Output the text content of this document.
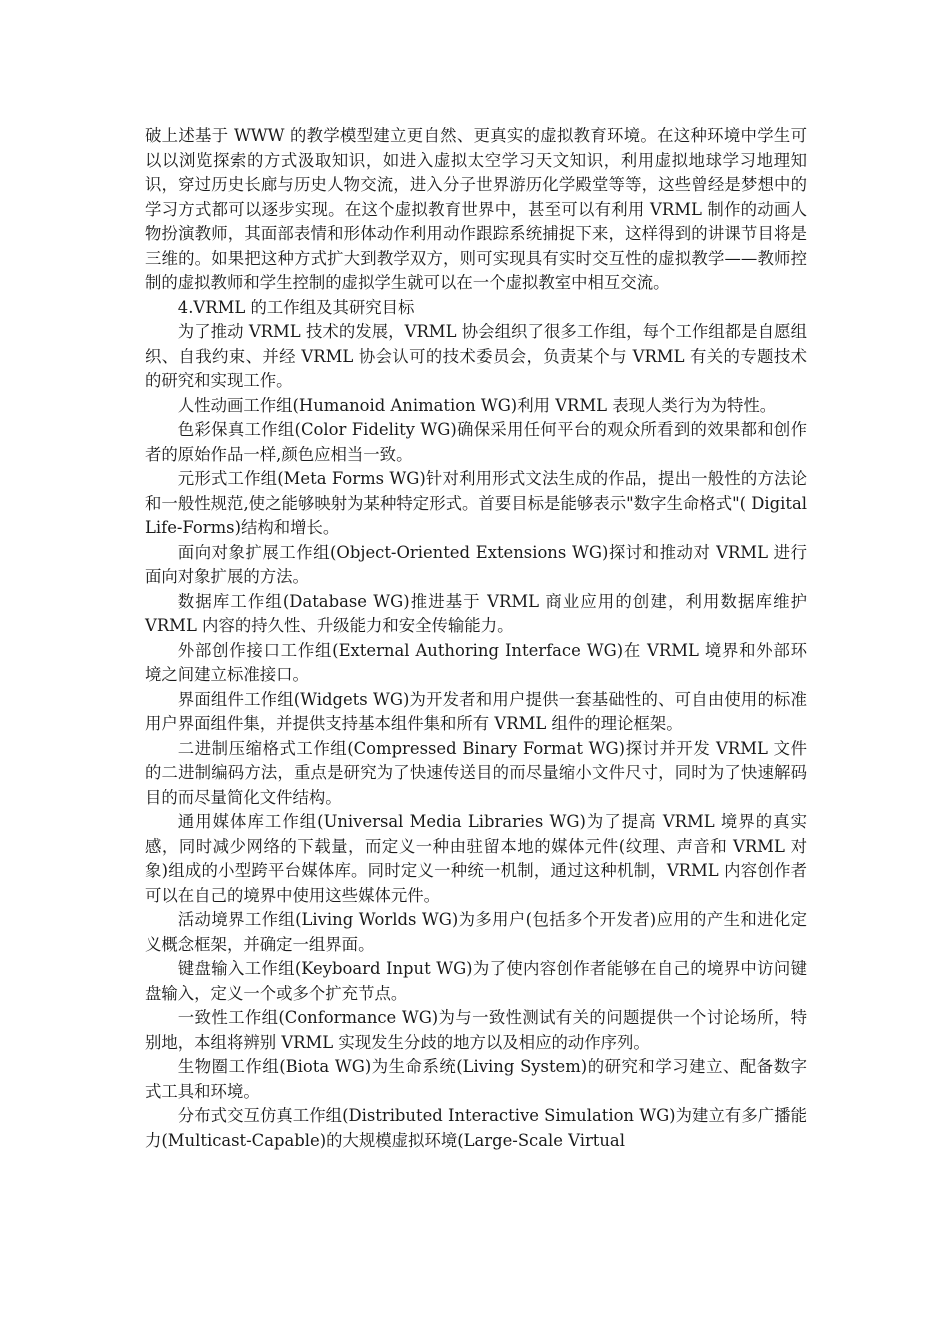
破上述基于 WWW 的教学模型建立更自然、更真实的虚拟教育环境。在这种环境中学生可以以浏览探索的方式汲取知识，如进入虚拟太空学习天文知识，利用虚拟地球学习地理知识，穿过历史长廊与历史人物交流，进入分子世界游历化学殿堂等等，这些曾经是梦想中的学习方式都可以逐步实现。在这个虚拟教育世界中，甚至可以有利用 VRML 制作的动画人物扮演教师，其面部表情和形体动作利用动作跟踪系统捕捉下来，这样得到的讲课节目将是三维的。如果把这种方式扩大到教学双方，则可实现具有实时交互性的虚拟教学——教师控制的虚拟教师和学生控制的虚拟学生就可以在一个虚拟教室中相互交流。

4.VRML 的工作组及其研究目标

为了推动 VRML 技术的发展，VRML 协会组织了很多工作组，每个工作组都是自愿组织、自我约束、并经 VRML 协会认可的技术委员会，负责某个与 VRML 有关的专题技术的研究和实现工作。

人性动画工作组(Humanoid Animation WG)利用 VRML 表现人类行为为特性。

色彩保真工作组(Color Fidelity WG)确保采用任何平台的观众所看到的效果都和创作者的原始作品一样,颜色应相当一致。

元形式工作组(Meta Forms WG)针对利用形式文法生成的作品，提出一般性的方法论和一般性规范,使之能够映射为某种特定形式。首要目标是能够表示"数字生命格式"( Digital Life-Forms)结构和增长。

面向对象扩展工作组(Object-Oriented Extensions WG)探讨和推动对 VRML 进行面向对象扩展的方法。

数据库工作组(Database WG)推进基于 VRML 商业应用的创建，利用数据库维护 VRML 内容的持久性、升级能力和安全传输能力。

外部创作接口工作组(External Authoring Interface WG)在 VRML 境界和外部环境之间建立标准接口。

界面组件工作组(Widgets WG)为开发者和用户提供一套基础性的、可自由使用的标准用户界面组件集，并提供支持基本组件集和所有 VRML 组件的理论框架。

二进制压缩格式工作组(Compressed Binary Format WG)探讨并开发 VRML 文件的二进制编码方法，重点是研究为了快速传送目的而尽量缩小文件尺寸，同时为了快速解码目的而尽量简化文件结构。

通用媒体库工作组(Universal Media Libraries WG)为了提高 VRML 境界的真实感，同时减少网络的下载量，而定义一种由驻留本地的媒体元件(纹理、声音和 VRML 对象)组成的小型跨平台媒体库。同时定义一种统一机制，通过这种机制，VRML 内容创作者可以在自己的境界中使用这些媒体元件。

活动境界工作组(Living Worlds WG)为多用户(包括多个开发者)应用的产生和进化定义概念框架，并确定一组界面。

键盘输入工作组(Keyboard Input WG)为了使内容创作者能够在自己的境界中访问键盘输入，定义一个或多个扩充节点。

一致性工作组(Conformance WG)为与一致性测试有关的问题提供一个讨论场所，特别地，本组将辨别 VRML 实现发生分歧的地方以及相应的动作序列。

生物圈工作组(Biota WG)为生命系统(Living System)的研究和学习建立、配备数字式工具和环境。

分布式交互仿真工作组(Distributed Interactive Simulation WG)为建立有多广播能力(Multicast-Capable)的大规模虚拟环境(Large-Scale Virtual
